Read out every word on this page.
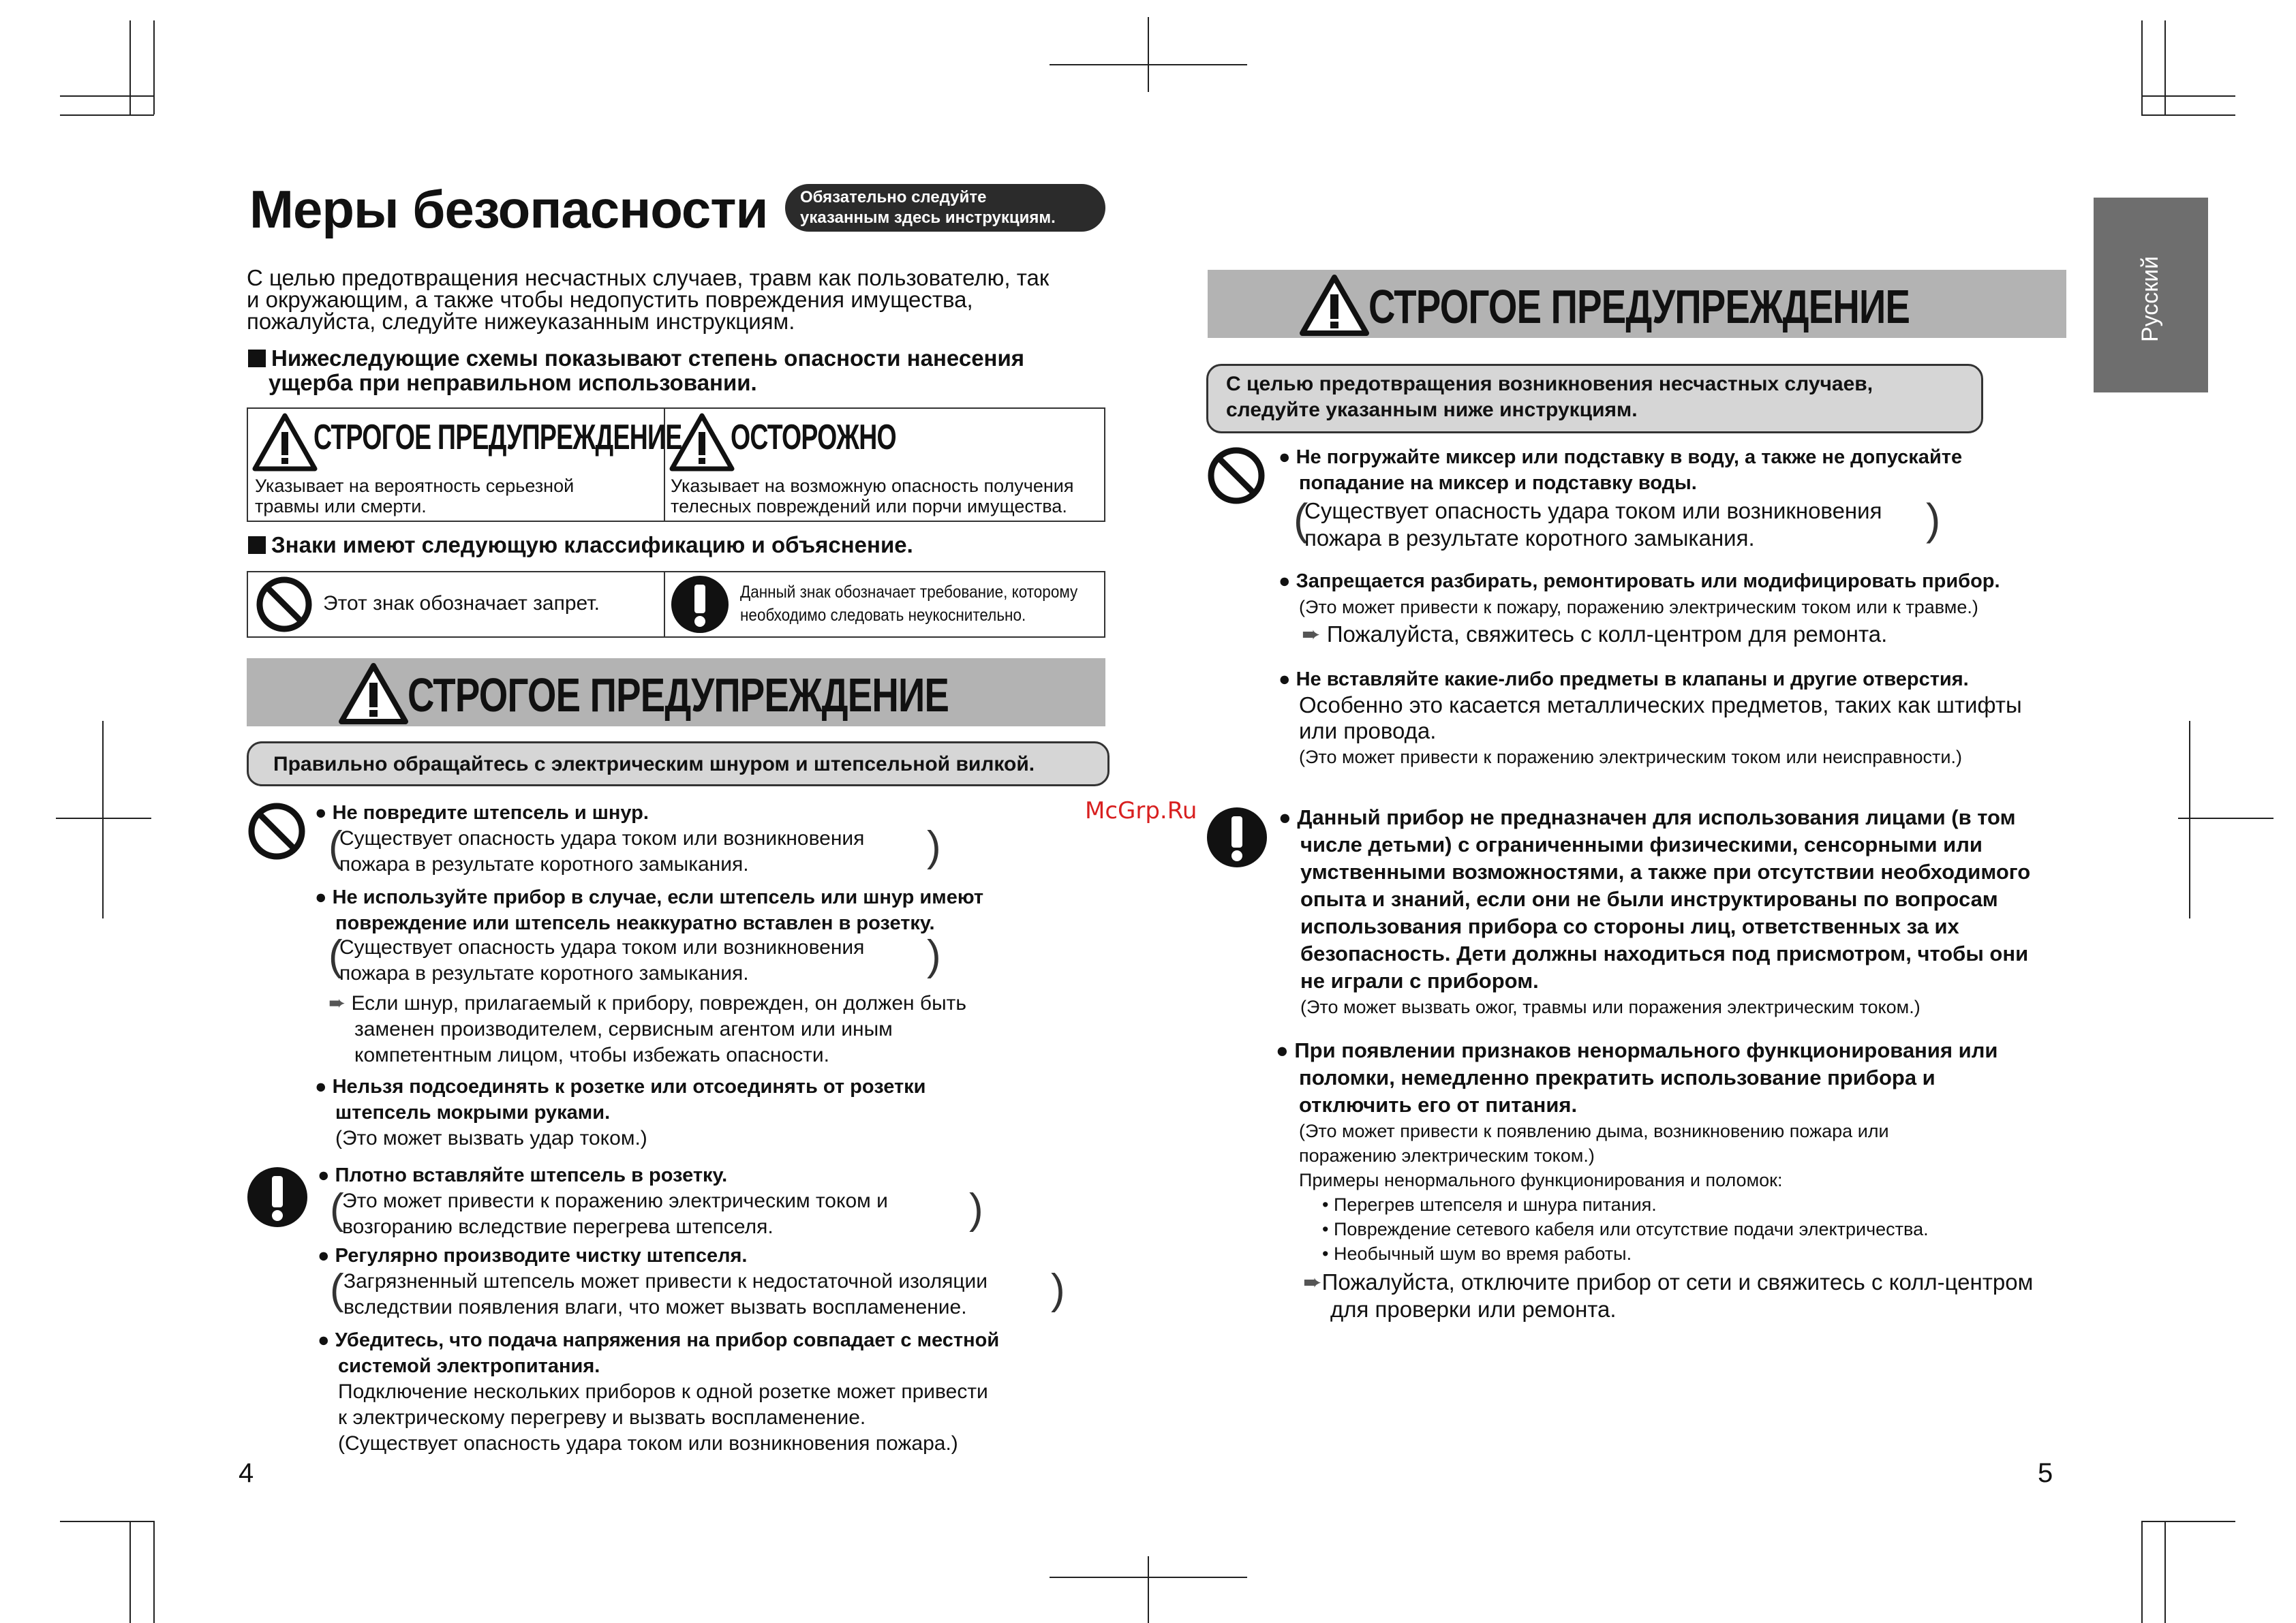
Меры безопасности Обязательно следуйте
указанным здесь инструкциям.
С целью предотвращения несчастных случаев, травм как пользователю, так
и окружающим, а также чтобы недопустить повреждения имущества,
пожалуйста, следуйте нижеуказанным инструкциям.
Нижеследующие схемы показывают степень опасности нанесения
ущерба при неправильном использовании.
СТРОГОЕ ПРЕДУПРЕЖДЕНИЕ
Указывает на вероятность серьезной
травмы или смерти.

ОСТОРОЖНО
Указывает на возможную опасность получения
телесных повреждений или порчи имущества.
Знаки имеют следующую классификацию и объяснение.
Этот знак обозначает запрет.	Данный знак обозначает требование, которому
необходимо следовать неукоснительно.
СТРОГОЕ ПРЕДУПРЕЖДЕНИЕ
Правильно обращайтесь с электрическим шнуром и штепсельной вилкой.
● Не повредите штепсель и шнур.
(
Существует опасность удара током или возникновения
пожара в результате коротного замыкания.	)
● Не используйте прибор в случае, если штепсель или шнур имеют
повреждение или штепсель неаккуратно вставлен в розетку.
(
Существует опасность удара током или возникновения
пожара в результате коротного замыкания.	)
➨ Если шнур, прилагаемый к прибору, поврежден, он должен быть
заменен производителем, сервисным агентом или иным
компетентным лицом, чтобы избежать опасности.
● Нельзя подсоединять к розетке или отсоединять от розетки
штепсель мокрыми руками.
(Это может вызвать удар током.)
● Плотно вставляйте штепсель в розетку.
(
Это может привести к поражению электрическим током и
возгоранию вследствие перегрева штепселя.	)
● Регулярно производите чистку штепселя.
( Загрязненный штепсель может привести к недостаточной изоляции
вследствии появления влаги, что может вызвать воспламенение.	)
● Убедитесь, что подача напряжения на прибор совпадает с местной
системой электропитания.
Подключение нескольких приборов к одной розетке может привести
к электрическому перегреву и вызвать воспламенение.
(Существует опасность удара током или возникновения пожара.)
4
McGrp.Ru
Русский
СТРОГОЕ ПРЕДУПРЕЖДЕНИЕ
С целью предотвращения возникновения несчастных случаев,
следуйте указанным ниже инструкциям.
● Не погружайте миксер или подставку в воду, а также не допускайте
попадание на миксер и подставку воды.
(
Существует опасность удара током или возникновения
пожара в результате коротного замыкания.	)
● Запрещается разбирать, ремонтировать или модифицировать прибор.
(Это может привести к пожару, поражению электрическим током или к травме.)
➨ Пожалуйста, свяжитесь с колл-центром для ремонта.
● Не вставляйте какие-либо предметы в клапаны и другие отверстия.
Особенно это касается металлических предметов, таких как штифты
или провода.
(Это может привести к поражению электрическим током или неисправности.)
● Данный прибор не предназначен для использования лицами (в том
числе детьми) с ограниченными физическими, сенсорными или
умственными возможностями, а также при отсутствии необходимого
опыта и знаний, если они не были инструктированы по вопросам
использования прибора со стороны лиц, ответственных за их
безопасность. Дети должны находиться под присмотром, чтобы они
не играли с прибором.
(Это может вызвать ожог, травмы или поражения электрическим током.)
● При появлении признаков ненормального функционирования или
поломки, немедленно прекратить использование прибора и
отключить его от питания.
(Это может привести к появлению дыма, возникновению пожара или
поражению электрическим током.)
Примеры ненормального функционирования и поломок:
• Перегрев штепселя и шнура питания.
• Повреждение сетевого кабеля или отсутствие подачи электричества.
• Необычный шум во время работы.
➨Пожалуйста, отключите прибор от сети и свяжитесь с колл-центром
для проверки или ремонта.
5
